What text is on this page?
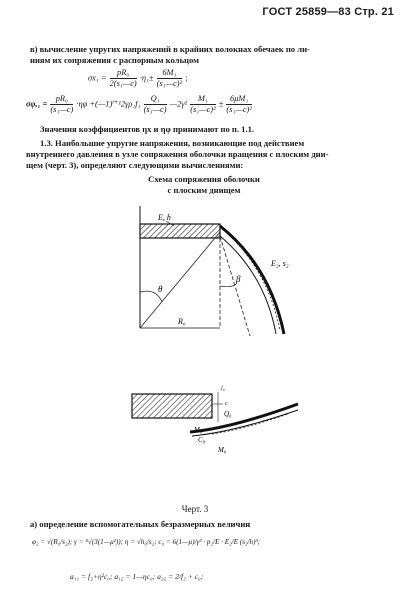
ГОСТ 25859—83 Стр. 21
в) вычисление упругих напряжений в крайних волокнах обечаек по ли-
ниям их сопряжения с распорным кольцом
$\sigma x_1 = \frac{\text{pR₀}}{\text{2(s₁—c)}} \cdot\eta_1\pm \frac{\text{6M₁}}{\text{(s₁—c)²}}$ ;
$\sigma\varphi,_1 = \frac{\text{pR₀}}{\text{(s₁—c)}} \cdot\eta\varphi$ +(—1)ⁱ⁺¹2γρ₁f₁ $\frac{\text{Q₁}}{\text{(s₁—c)}}$ —2γ² $\frac{\text{M₁}}{\text{(s₁—c)²}} \pm \frac{\text{6μM₁}}{\text{(s₁—c)²}}$
Значения коэффициентов ηx и ηφ принимают по п. 1.1.
1.3. Наибольшие упругие напряжения, возникающие под действием
внутреннего давления в узле сопряжения оболочки вращения с плоским дни-
щем (черт. 3), определяют следующими вычислениями:
Схема сопряжения оболочки
с плоским днищем
E, h
E₂, s₂
θ
β
R₀
l₀
c
Q₀
M₀
C₀
M₀
Черт. 3
а) определение вспомогательных безразмерных величин
φ₂ = √(R₀/s₂); γ = ⁴√(3(1—μ²)); η = √h₀/s₂; c₀ = 6(1—μ)/γ³ · p₂/E · E₂/E (s₂/h)³;
a₁₁ = f₂+η²c₀; a₁₂ = 1—ηc₀; a₂₂ = 2/f₂ + c₀;
